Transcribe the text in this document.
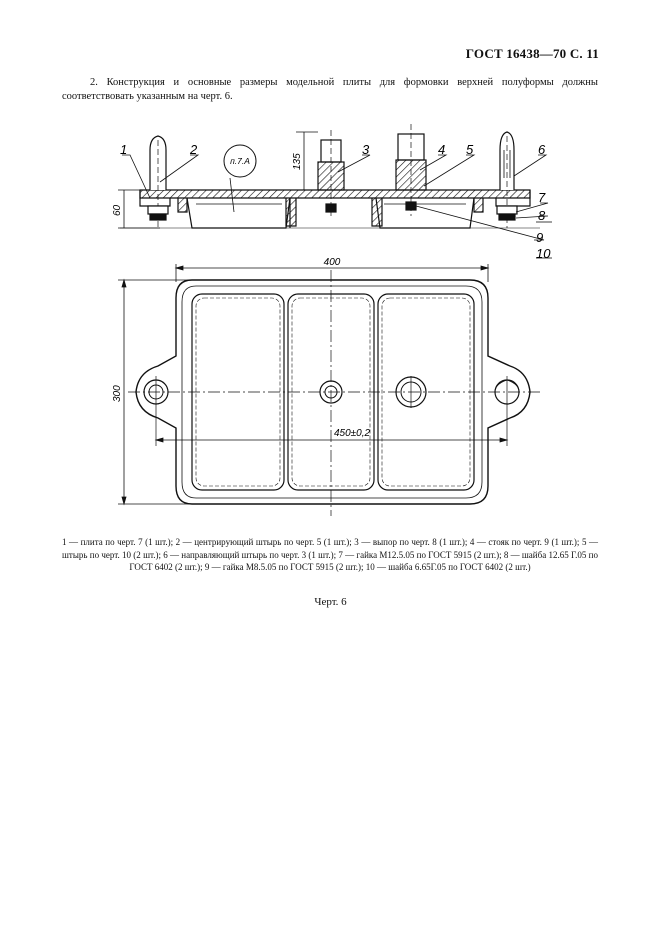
ГОСТ 16438—70 С. 11
2. Конструкция и основные размеры модельной плиты для формовки верхней полуформы должны соответствовать указанным на черт. 6.
135
60
1	2	3	4 5	6
7
8
9
10
п.7.А
400
300
450±0,2
1 — плита по черт. 7 (1 шт.); 2 — центрирующий штырь по черт. 5 (1 шт.); 3 — выпор по черт. 8 (1 шт.); 4 — стояк по черт. 9 (1 шт.); 5 — штырь по черт. 10 (2 шт.); 6 — направляющий штырь по черт. 3 (1 шт.); 7 — гайка М12.5.05 по ГОСТ 5915 (2 шт.); 8 — шайба 12.65 Г.05 по ГОСТ 6402 (2 шт.); 9 — гайка М8.5.05 по ГОСТ 5915 (2 шт.); 10 — шайба 6.65Г.05 по ГОСТ 6402 (2 шт.)
Черт. 6
